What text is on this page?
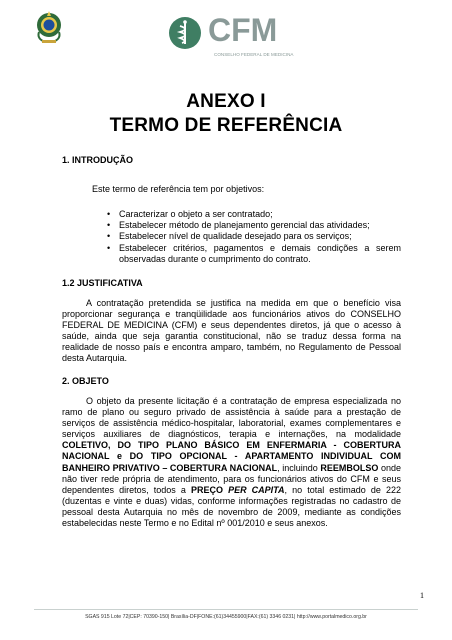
CFM
CONSELHO FEDERAL DE MEDICINA
ANEXO I
TERMO DE REFERÊNCIA
1. INTRODUÇÃO

Este termo de referência tem por objetivos:

• Caracterizar o objeto a ser contratado;
• Estabelecer método de planejamento gerencial das atividades;
• Estabelecer nível de qualidade desejado para os serviços;
• Estabelecer critérios, pagamentos e demais condições a serem observadas durante o cumprimento do contrato.
1.2 JUSTIFICATIVA

A contratação pretendida se justifica na medida em que o benefício visa proporcionar segurança e tranqüilidade aos funcionários ativos do CONSELHO FEDERAL DE MEDICINA (CFM) e seus dependentes diretos, já que o acesso à saúde, ainda que seja garantia constitucional, não se traduz dessa forma na realidade de nosso país e encontra amparo, também, no Regulamento de Pessoal desta Autarquia.

2. OBJETO

O objeto da presente licitação é a contratação de empresa especializada no ramo de plano ou seguro privado de assistência à saúde para a prestação de serviços de assistência médico-hospitalar, laboratorial, exames complementares e serviços auxiliares de diagnósticos, terapia e internações, na modalidade COLETIVO, DO TIPO PLANO BÁSICO EM ENFERMARIA - COBERTURA NACIONAL e DO TIPO OPCIONAL - APARTAMENTO INDIVIDUAL COM BANHEIRO PRIVATIVO – COBERTURA NACIONAL, incluindo REEMBOLSO onde não tiver rede própria de atendimento, para os funcionários ativos do CFM e seus dependentes diretos, todos a PREÇO PER CAPITA, no total estimado de 222 (duzentas e vinte e duas) vidas, conforme informações registradas no cadastro de pessoal desta Autarquia no mês de novembro de 2009, mediante as condições estabelecidas neste Termo e no Edital nº 001/2010 e seus anexos.

1
SGAS 915 Lote 72|CEP: 70390-150| Brasília-DF|FONE:(61)34455900|FAX:(61) 3346 0231| http://www.portalmedico.org.br
